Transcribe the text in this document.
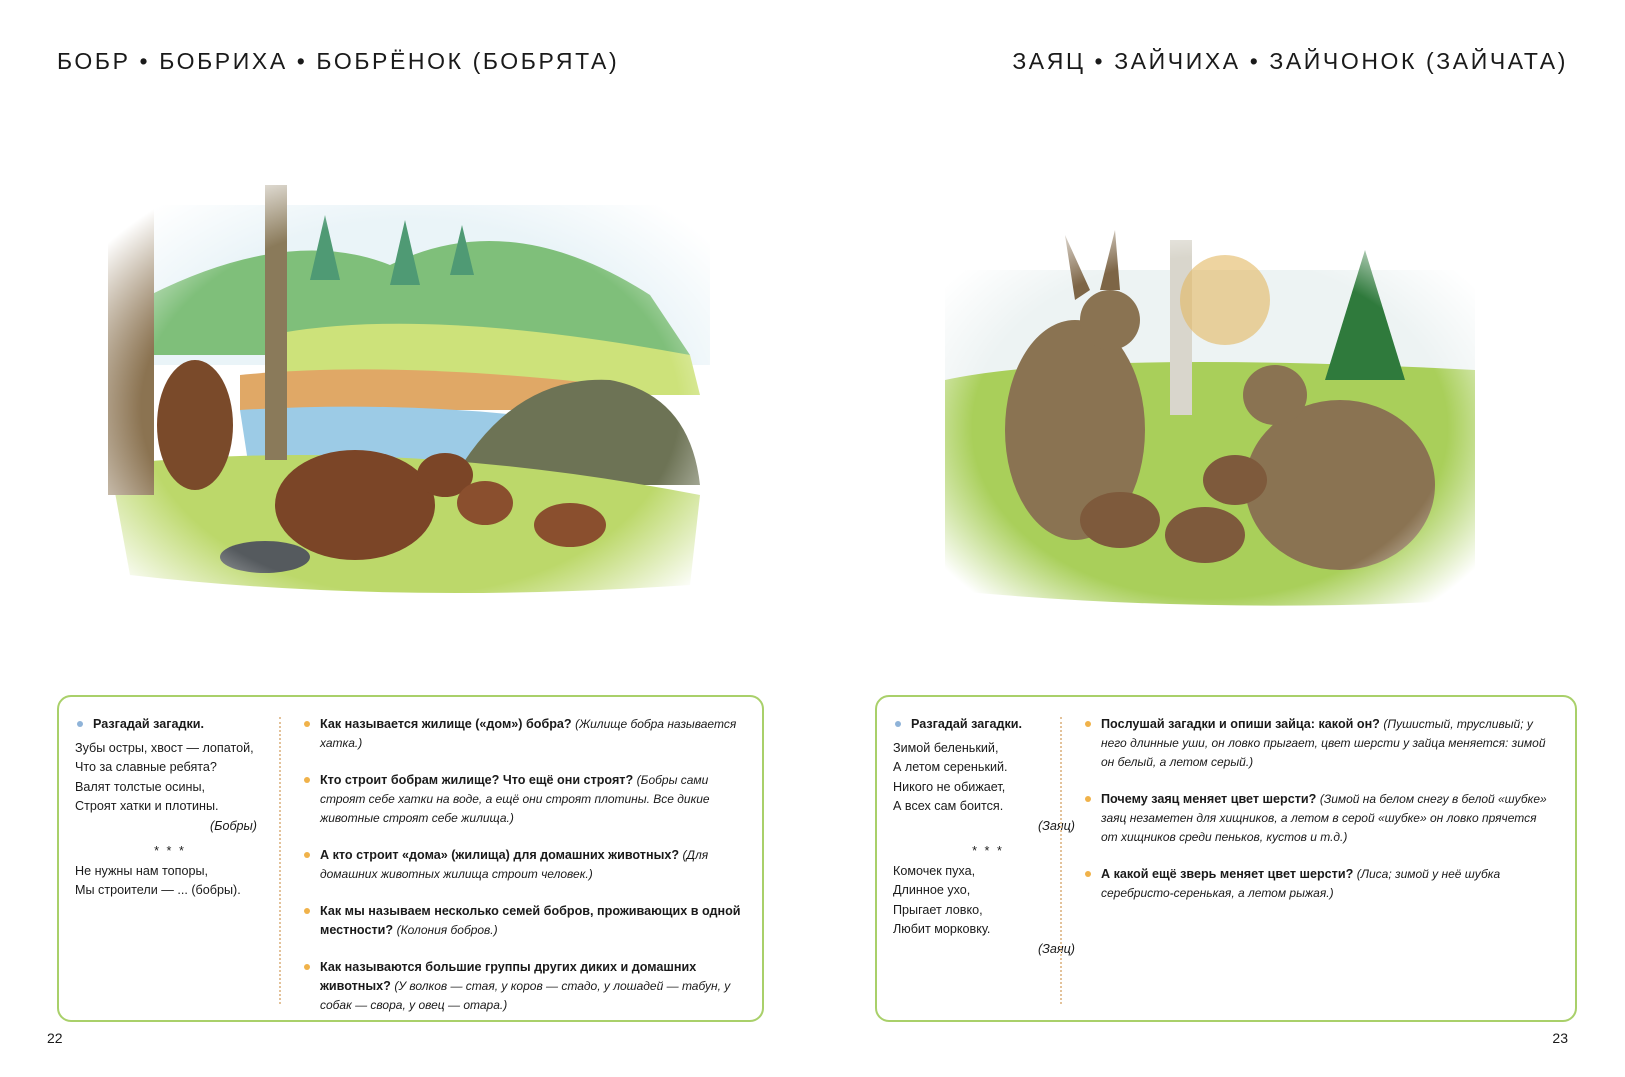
БОБР • БОБРИХА • БОБРЁНОК (БОБРЯТА)	ЗАЯЦ • ЗАЙЧИХА • ЗАЙЧОНОК (ЗАЙЧАТА)
Разгадай загадки.
Зубы остры, хвост — лопатой,
Что за славные ребята?
Валят толстые осины,
Строят хатки и плотины.
(Бобры)
* * *
Не нужны нам топоры,
Мы строители — ... (бобры).
Как называется жилище («дом») бобра? (Жилище бобра называется хатка.)
Кто строит бобрам жилище? Что ещё они строят? (Бобры сами строят себе хатки на воде, а ещё они строят плотины. Все дикие животные строят себе жилища.)
А кто строит «дома» (жилища) для домашних животных? (Для домашних животных жилища строит человек.)
Как мы называем несколько семей бобров, проживающих в одной местности? (Колония бобров.)
Как называются большие группы других диких и домашних животных? (У волков — стая, у коров — стадо, у лошадей — табун, у собак — свора, у овец — отара.)
Разгадай загадки.
Зимой беленький,
А летом серенький.
Никого не обижает,
А всех сам боится.
(Заяц)
* * *
Комочек пуха,
Длинное ухо,
Прыгает ловко,
Любит морковку.
(Заяц)
Послушай загадки и опиши зайца: какой он? (Пушистый, трусливый; у него длинные уши, он ловко прыгает, цвет шерсти у зайца меняется: зимой он белый, а летом серый.)
Почему заяц меняет цвет шерсти? (Зимой на белом снегу в белой «шубке» заяц незаметен для хищников, а летом в серой «шубке» он ловко прячется от хищников среди пеньков, кустов и т.д.)
А какой ещё зверь меняет цвет шерсти? (Лиса; зимой у неё шубка серебристо-серенькая, а летом рыжая.)
22	23
